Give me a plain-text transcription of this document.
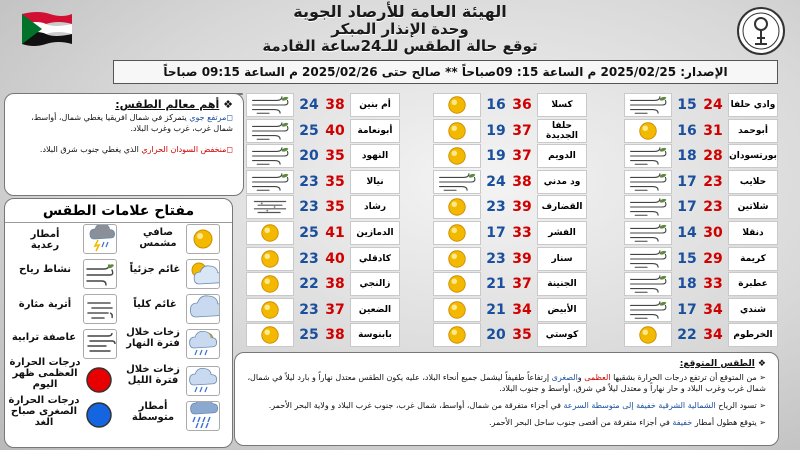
الهيئة العامة للأرصاد الجوية
وحدة الإنذار المبكر
توقع حالة الطقس للـ24ساعة القادمة
الإصدار: 2025/02/25 م الساعة 15: 09صباحاً ** صالح حتى 2025/02/26 م الساعة 09:15 صباحاً
15 24 وادي حلفا
16 31	أبوحمد
18 28 بورتسودان
17 23	حلايب
17 23	شلاتين
14 30	دنقلا
15 29	كريمة
18 33	عطبرة
17 34	شندي
22 34	الخرطوم
16 36	كسلا
19 37	حلفا الجديدة
19 37	الدويم
24 38	ود مدني
23 39	القضارف
17 33	الفشر
23 39	سنار
21 37	الجنينة
21 34	الأبيض
20 35	كوستي
24 38	أم بنين
25 40	أبونعامة
20 35	النهود
23 35	نيالا
23 35	رشاد
25 41	الدمازين
23 40	كادقلي
22 38	زالنجي
23 37	الضعين
25 38	بابنوسة
❖ أهم معالم الطقس:
◻مرتفع جوي يتمركز في شمال افريقيا يغطي شمال، أواسط، شمال غرب، غرب وغرب البلاد.
◻منخفض السودان الحراري الذي يغطي جنوب شرق البلاد.
مفتاح علامات الطقس
صافي مشمس
أمطار رعدية
غائم جزئياً
نشاط رياح
غائم كلياً
أتربة مثارة
زخات خلال فترة النهار
عاصفة ترابية
زخات خلال فترة الليل
درجات الحرارة العظمى ظهر اليوم
أمطار متوسطة
درجات الحرارة الصغرى صباح الغد
❖ الطقس المتوقع:
➢ من المتوقع أن ترتفع درجات الحرارة بشقيها العظمى والصغرى إرتفاعاً طفيفاً ليشمل جميع أنحاء البلاد، عليه يكون الطقس معتدل نهاراً و بارد ليلاً في شمال، شمال غرب وغرب البلاد و حار نهاراً و معتدل ليلاً في شرق، أواسط و جنوب البلاد.
➢ تسود الرياح الشمالية الشرقية خفيفة إلى متوسطة السرعة في أجزاء متفرقة من شمال، أواسط، شمال غرب، جنوب غرب البلاد و ولاية البحر الأحمر.
➢ يتوقع هطول أمطار خفيفة في أجزاء متفرقة من أقصى جنوب ساحل البحر الأحمر.
